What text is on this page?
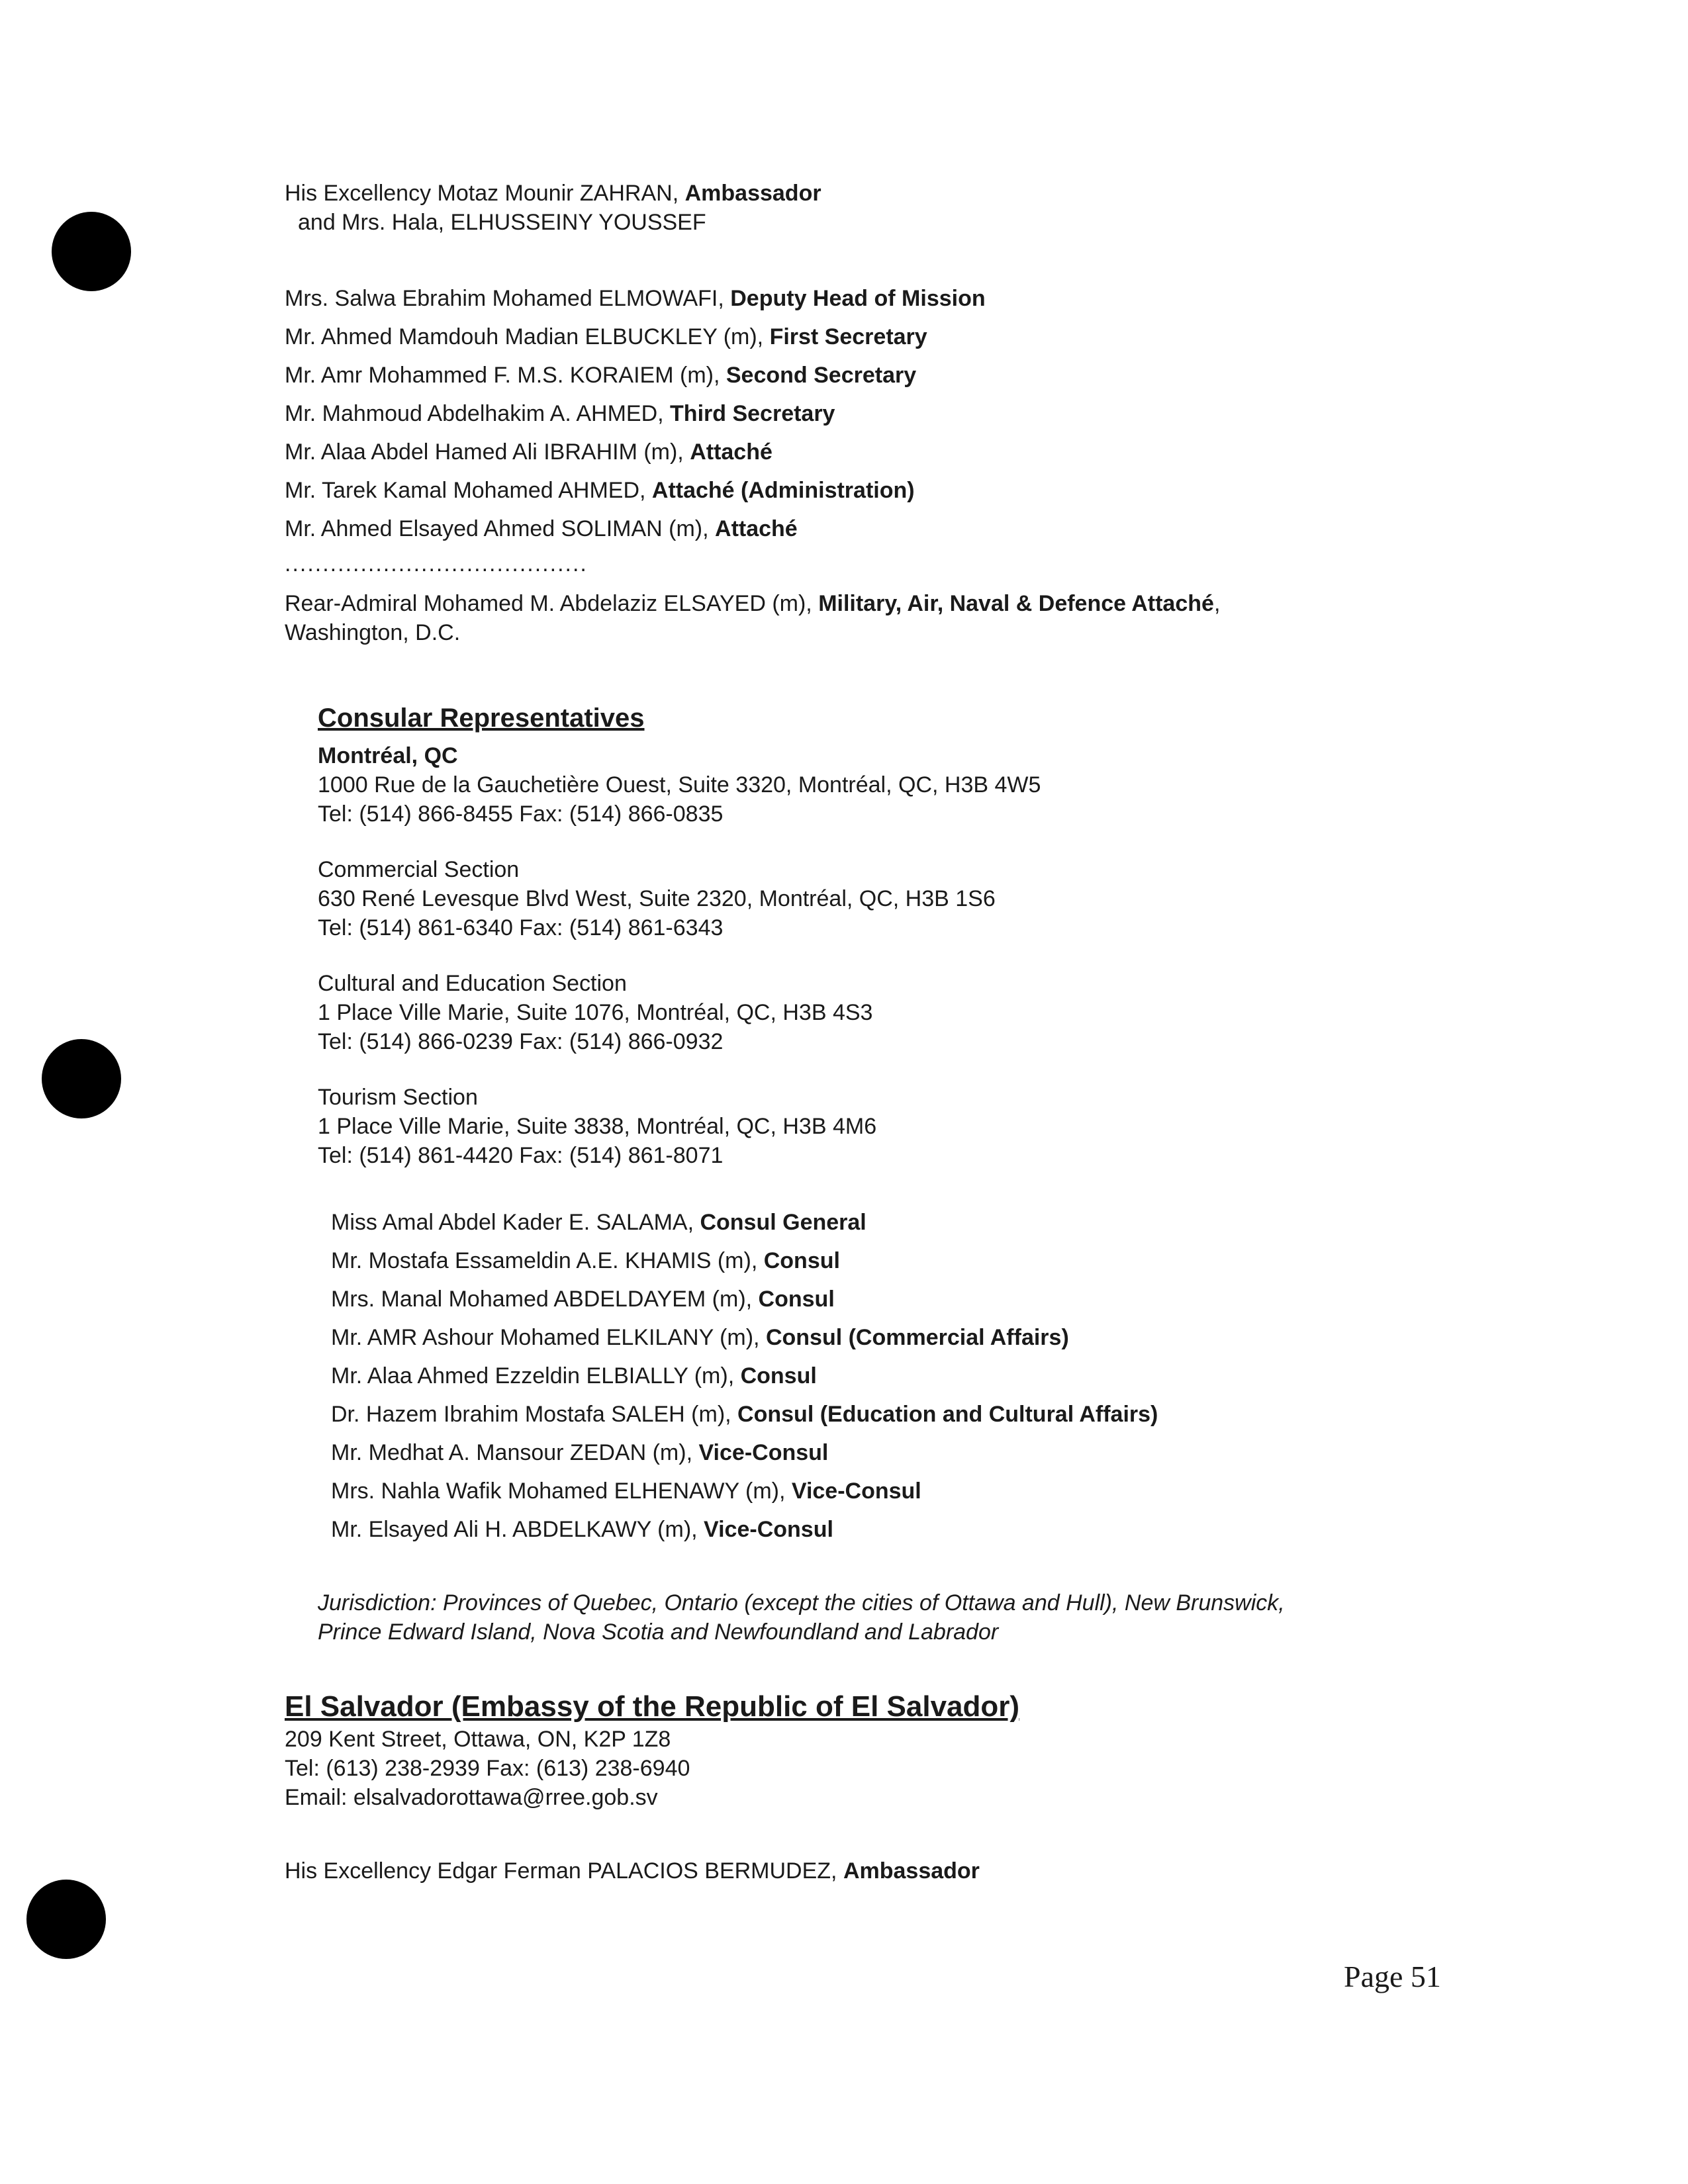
His Excellency Motaz Mounir ZAHRAN, Ambassador
and Mrs. Hala, ELHUSSEINY YOUSSEF
Mrs. Salwa Ebrahim Mohamed ELMOWAFI, Deputy Head of Mission
Mr. Ahmed Mamdouh Madian ELBUCKLEY (m), First Secretary
Mr. Amr Mohammed F. M.S. KORAIEM (m), Second Secretary
Mr. Mahmoud Abdelhakim A. AHMED, Third Secretary
Mr. Alaa Abdel Hamed Ali IBRAHIM (m), Attaché
Mr. Tarek Kamal Mohamed AHMED, Attaché (Administration)
Mr. Ahmed Elsayed Ahmed SOLIMAN (m), Attaché
........................................
Rear-Admiral Mohamed M. Abdelaziz ELSAYED (m), Military, Air, Naval & Defence Attaché,
Washington, D.C.
Consular Representatives
Montréal, QC
1000 Rue de la Gauchetière Ouest, Suite 3320, Montréal, QC, H3B 4W5
Tel: (514) 866-8455 Fax: (514) 866-0835
Commercial Section
630 René Levesque Blvd West, Suite 2320, Montréal, QC, H3B 1S6
Tel: (514) 861-6340 Fax: (514) 861-6343
Cultural and Education Section
1 Place Ville Marie, Suite 1076, Montréal, QC, H3B 4S3
Tel: (514) 866-0239 Fax: (514) 866-0932
Tourism Section
1 Place Ville Marie, Suite 3838, Montréal, QC, H3B 4M6
Tel: (514) 861-4420 Fax: (514) 861-8071
Miss Amal Abdel Kader E. SALAMA, Consul General
Mr. Mostafa Essameldin A.E. KHAMIS (m), Consul
Mrs. Manal Mohamed ABDELDAYEM (m), Consul
Mr. AMR Ashour Mohamed ELKILANY (m), Consul (Commercial Affairs)
Mr. Alaa Ahmed Ezzeldin ELBIALLY (m), Consul
Dr. Hazem Ibrahim Mostafa SALEH (m), Consul (Education and Cultural Affairs)
Mr. Medhat A. Mansour ZEDAN (m), Vice-Consul
Mrs. Nahla Wafik Mohamed ELHENAWY (m), Vice-Consul
Mr. Elsayed Ali H. ABDELKAWY (m), Vice-Consul
Jurisdiction: Provinces of Quebec, Ontario (except the cities of Ottawa and Hull), New Brunswick,
Prince Edward Island, Nova Scotia and Newfoundland and Labrador
El Salvador (Embassy of the Republic of El Salvador)
209 Kent Street, Ottawa, ON, K2P 1Z8
Tel: (613) 238-2939 Fax: (613) 238-6940
Email: elsalvadorottawa@rree.gob.sv
His Excellency Edgar Ferman PALACIOS BERMUDEZ, Ambassador
Page 51
